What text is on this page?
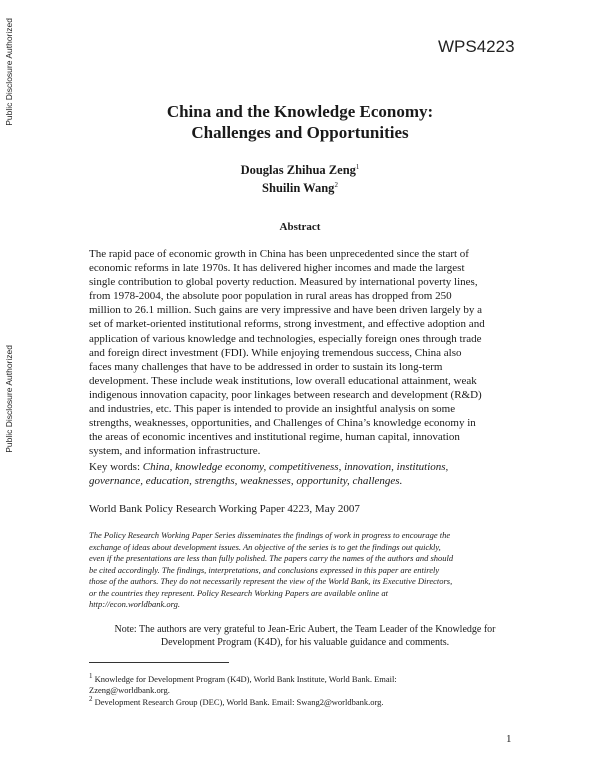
Public Disclosure Authorized
Public Disclosure Authorized
WPS4223
China and the Knowledge Economy:
Challenges and Opportunities
Douglas Zhihua Zeng$^1$
Shuilin Wang$^2$
Abstract
The rapid pace of economic growth in China has been unprecedented since the start of
economic reforms in late 1970s. It has delivered higher incomes and made the largest
single contribution to global poverty reduction. Measured by international poverty lines,
from 1978-2004, the absolute poor population in rural areas has dropped from 250
million to 26.1 million. Such gains are very impressive and have been driven largely by a
set of market-oriented institutional reforms, strong investment, and effective adoption and
application of various knowledge and technologies, especially foreign ones through trade
and foreign direct investment (FDI). While enjoying tremendous success, China also
faces many challenges that have to be addressed in order to sustain its long-term
development. These include weak institutions, low overall educational attainment, weak
indigenous innovation capacity, poor linkages between research and development (R&D)
and industries, etc. This paper is intended to provide an insightful analysis on some
strengths, weaknesses, opportunities, and Challenges of China’s knowledge economy in
the areas of economic incentives and institutional regime, human capital, innovation
system, and information infrastructure.
Key words: China, knowledge economy, competitiveness, innovation, institutions,
governance, education, strengths, weaknesses, opportunity, challenges.
World Bank Policy Research Working Paper 4223, May 2007
The Policy Research Working Paper Series disseminates the findings of work in progress to encourage the
exchange of ideas about development issues. An objective of the series is to get the findings out quickly,
even if the presentations are less than fully polished. The papers carry the names of the authors and should
be cited accordingly. The findings, interpretations, and conclusions expressed in this paper are entirely
those of the authors. They do not necessarily represent the view of the World Bank, its Executive Directors,
or the countries they represent. Policy Research Working Papers are available online at
http://econ.worldbank.org.
Note: The authors are very grateful to Jean-Eric Aubert, the Team Leader of the Knowledge for
Development Program (K4D), for his valuable guidance and comments.
$^1$ Knowledge for Development Program (K4D), World Bank Institute, World Bank. Email:
Zzeng@worldbank.org.
$^2$ Development Research Group (DEC), World Bank. Email: Swang2@worldbank.org.
1
